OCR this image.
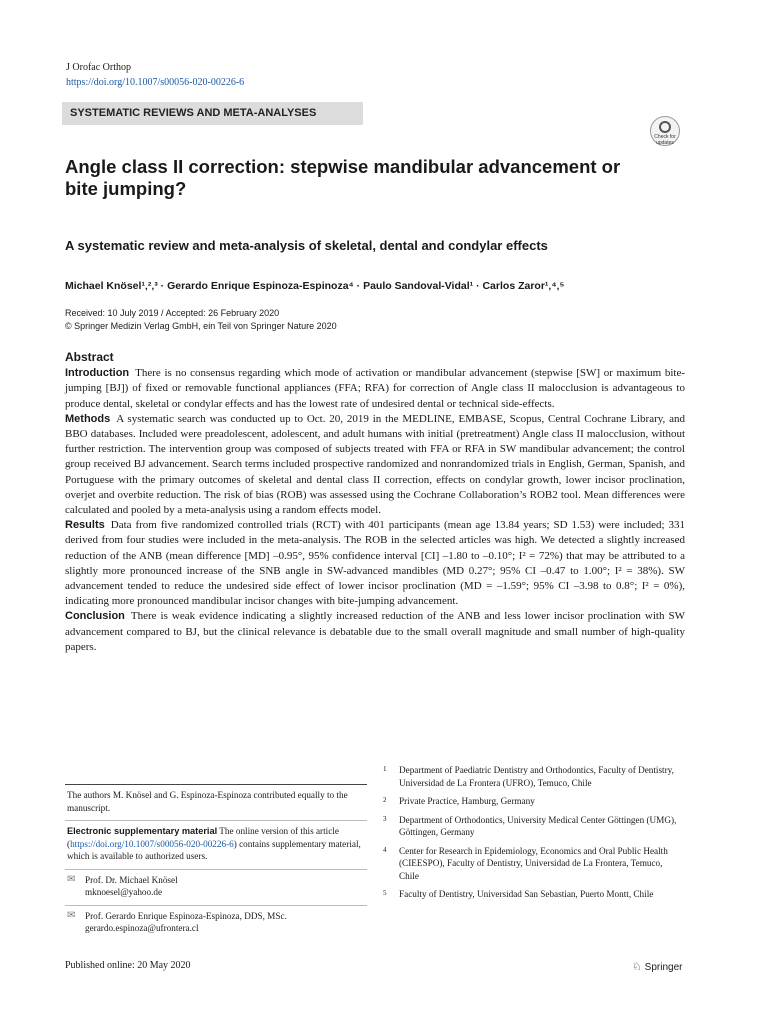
J Orofac Orthop
https://doi.org/10.1007/s00056-020-00226-6
SYSTEMATIC REVIEWS AND META-ANALYSES
Check for
updates
Angle class II correction: stepwise mandibular advancement or bite jumping?
A systematic review and meta-analysis of skeletal, dental and condylar effects
Michael Knösel¹‚²‚³ · Gerardo Enrique Espinoza-Espinoza⁴ · Paulo Sandoval-Vidal¹ · Carlos Zaror¹‚⁴‚⁵
Received: 10 July 2019 / Accepted: 26 February 2020
© Springer Medizin Verlag GmbH, ein Teil von Springer Nature 2020
Abstract

Introduction There is no consensus regarding which mode of activation or mandibular advancement (stepwise [SW] or maximum bite-jumping [BJ]) of fixed or removable functional appliances (FFA; RFA) for correction of Angle class II malocclusion is advantageous to produce dental, skeletal or condylar effects and has the lowest rate of undesired dental or technical side-effects.

Methods A systematic search was conducted up to Oct. 20, 2019 in the MEDLINE, EMBASE, Scopus, Central Cochrane Library, and BBO databases. Included were preadolescent, adolescent, and adult humans with initial (pretreatment) Angle class II malocclusion, without further restriction. The intervention group was composed of subjects treated with FFA or RFA in SW mandibular advancement; the control group received BJ advancement. Search terms included prospective randomized and nonrandomized trials in English, German, Spanish, and Portuguese with the primary outcomes of skeletal and dental class II correction, effects on condylar growth, lower incisor proclination, overjet and overbite reduction. The risk of bias (ROB) was assessed using the Cochrane Collaboration’s ROB2 tool. Mean differences were calculated and pooled by a meta-analysis using a random effects model.

Results Data from five randomized controlled trials (RCT) with 401 participants (mean age 13.84 years; SD 1.53) were included; 331 derived from four studies were included in the meta-analysis. The ROB in the selected articles was high. We detected a slightly increased reduction of the ANB (mean difference [MD] –0.95°, 95% confidence interval [CI] –1.80 to –0.10°; I² = 72%) that may be attributed to a slightly more pronounced increase of the SNB angle in SW-advanced mandibles (MD 0.27°; 95% CI –0.47 to 1.00°; I² = 38%). SW advancement tended to reduce the undesired side effect of lower incisor proclination (MD = –1.59°; 95% CI –3.98 to 0.8°; I² = 0%), indicating more pronounced mandibular incisor changes with bite-jumping advancement.

Conclusion There is weak evidence indicating a slightly increased reduction of the ANB and less lower incisor proclination with SW advancement compared to BJ, but the clinical relevance is debatable due to the small overall magnitude and small number of high-quality papers.

The authors M. Knösel and G. Espinoza-Espinoza contributed equally to the manuscript.
Electronic supplementary material The online version of this article (https://doi.org/10.1007/s00056-020-00226-6) contains supplementary material, which is available to authorized users.
✉	Prof. Dr. Michael Knösel
mknoesel@yahoo.de
✉	Prof. Gerardo Enrique Espinoza-Espinoza, DDS, MSc.
gerardo.espinoza@ufrontera.cl
1	Department of Paediatric Dentistry and Orthodontics, Faculty of Dentistry, Universidad de La Frontera (UFRO), Temuco, Chile
2	Private Practice, Hamburg, Germany
3	Department of Orthodontics, University Medical Center Göttingen (UMG), Göttingen, Germany
4	Center for Research in Epidemiology, Economics and Oral Public Health (CIEESPO), Faculty of Dentistry, Universidad de La Frontera, Temuco, Chile
5	Faculty of Dentistry, Universidad San Sebastian, Puerto Montt, Chile
Published online: 20 May 2020	♘ Springer
